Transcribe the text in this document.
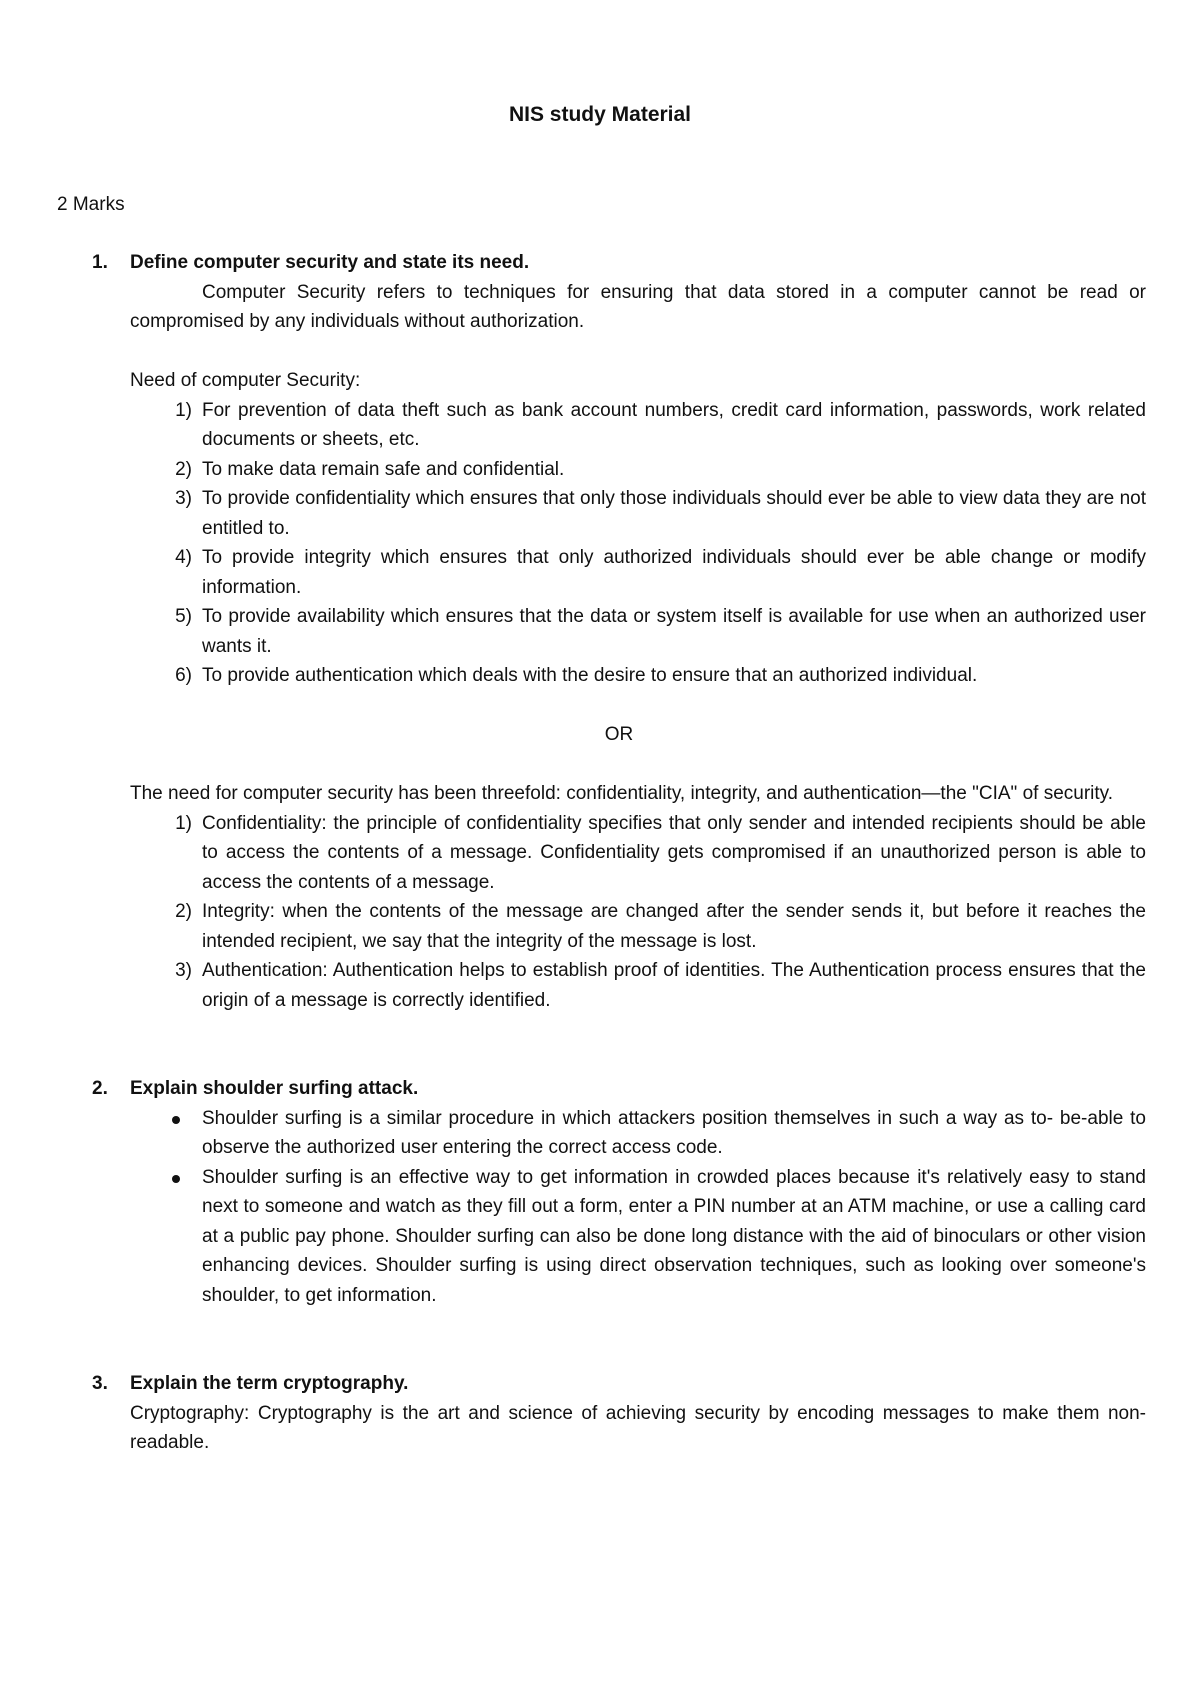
NIS study Material
2 Marks
1.	Define computer security and state its need.

Computer Security refers to techniques for ensuring that data stored in a computer cannot be read or compromised by any individuals without authorization.

Need of computer Security:

1) For prevention of data theft such as bank account numbers, credit card information, passwords, work related documents or sheets, etc.
2) To make data remain safe and confidential.
3) To provide confidentiality which ensures that only those individuals should ever be able to view data they are not entitled to.
4) To provide integrity which ensures that only authorized individuals should ever be able change or modify information.
5) To provide availability which ensures that the data or system itself is available for use when an authorized user wants it.
6) To provide authentication which deals with the desire to ensure that an authorized individual.

OR

The need for computer security has been threefold: confidentiality, integrity, and authentication—the "CIA" of security.

1) Confidentiality: the principle of confidentiality specifies that only sender and intended recipients should be able to access the contents of a message. Confidentiality gets compromised if an unauthorized person is able to access the contents of a message.
2) Integrity: when the contents of the message are changed after the sender sends it, but before it reaches the intended recipient, we say that the integrity of the message is lost.
3) Authentication: Authentication helps to establish proof of identities. The Authentication process ensures that the origin of a message is correctly identified.
2.	Explain shoulder surfing attack.
Shoulder surfing is a similar procedure in which attackers position themselves in such a way as to- be-able to observe the authorized user entering the correct access code.
Shoulder surfing is an effective way to get information in crowded places because it's relatively easy to stand next to someone and watch as they fill out a form, enter a PIN number at an ATM machine, or use a calling card at a public pay phone. Shoulder surfing can also be done long distance with the aid of binoculars or other vision enhancing devices. Shoulder surfing is using direct observation techniques, such as looking over someone's shoulder, to get information.
3.	Explain the term cryptography.

Cryptography: Cryptography is the art and science of achieving security by encoding messages to make them non-readable.
